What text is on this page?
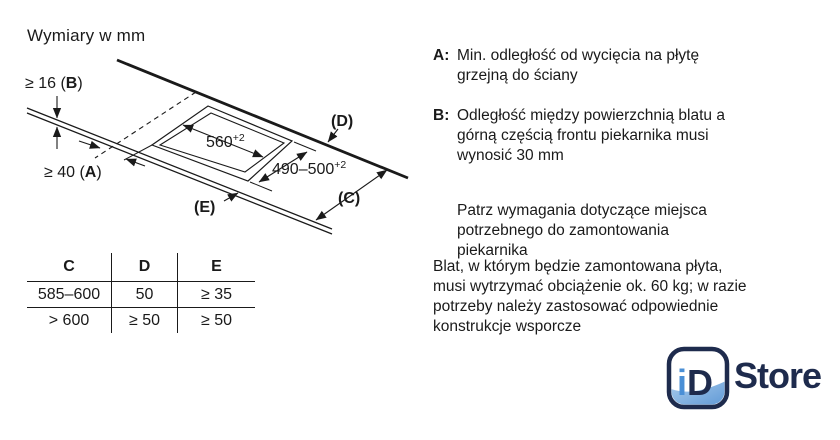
Wymiary w mm
≥ 16 (B)
≥ 40 (A)
(D)
(C)
(E)
$560^{+2}$
$490-500^{+2}$
C	D	E
585–600	50	≥ 35
> 600	≥ 50	≥ 50
A: Min. odległość od wycięcia na płytę
grzejną do ściany
B: Odległość między powierzchnią blatu a
górną częścią frontu piekarnika musi
wynosić 30 mm
Patrz wymagania dotyczące miejsca
potrzebnego do zamontowania
piekarnika
Blat, w którym będzie zamontowana płyta,
musi wytrzymać obciążenie ok. 60 kg; w razie
potrzeby należy zastosować odpowiednie
konstrukcje wsporcze
iD Store
